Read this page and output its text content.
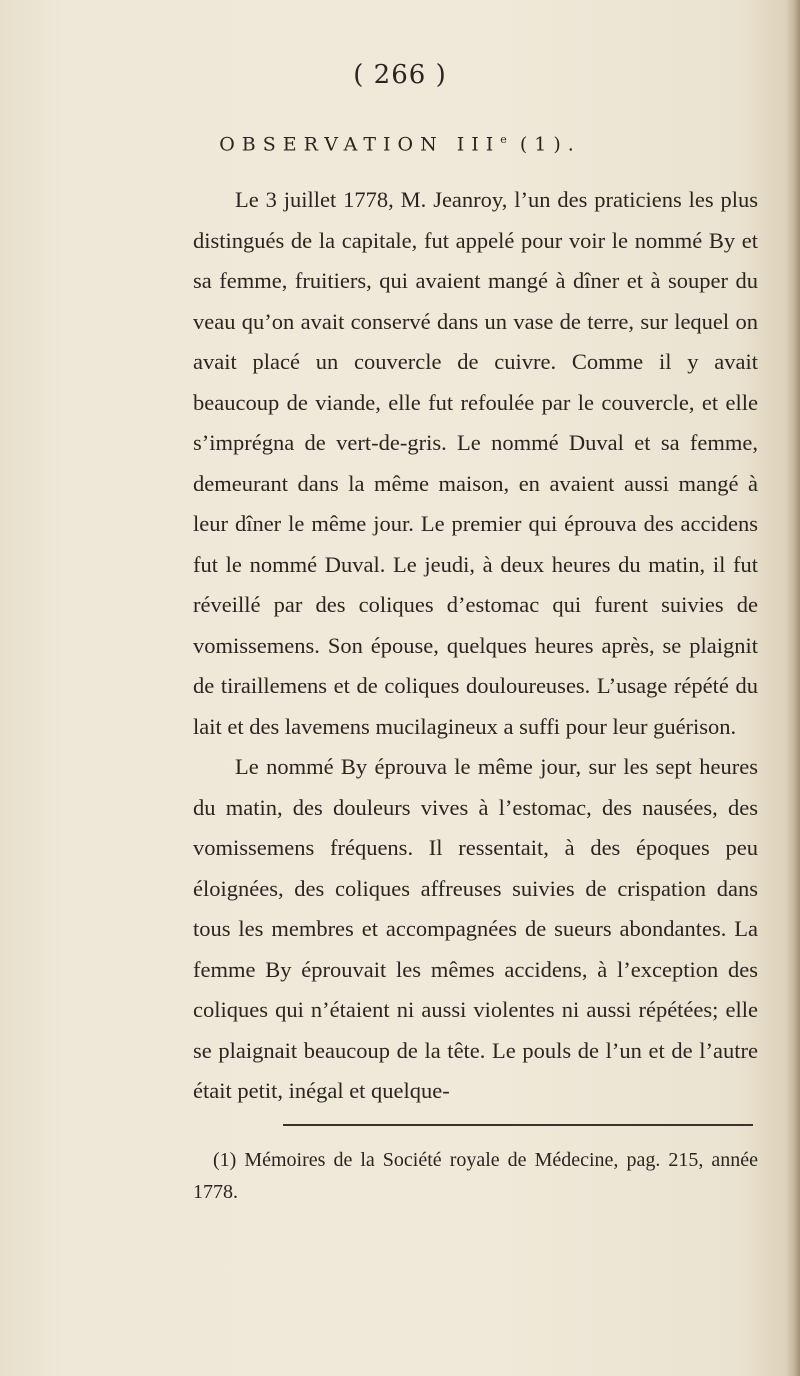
( 266 )
OBSERVATION IIIe (1).

Le 3 juillet 1778, M. Jeanroy, l’un des praticiens les plus distingués de la capitale, fut appelé pour voir le nommé By et sa femme, fruitiers, qui avaient mangé à dîner et à souper du veau qu’on avait conservé dans un vase de terre, sur lequel on avait placé un couvercle de cuivre. Comme il y avait beaucoup de viande, elle fut refoulée par le couvercle, et elle s’imprégna de vert-de-gris. Le nommé Duval et sa femme, demeurant dans la même maison, en avaient aussi mangé à leur dîner le même jour. Le premier qui éprouva des accidens fut le nommé Duval. Le jeudi, à deux heures du matin, il fut réveillé par des coliques d’estomac qui furent suivies de vomissemens. Son épouse, quelques heures après, se plaignit de tiraillemens et de coliques douloureuses. L’usage répété du lait et des lavemens mucilagineux a suffi pour leur guérison.

Le nommé By éprouva le même jour, sur les sept heures du matin, des douleurs vives à l’estomac, des nausées, des vomissemens fréquens. Il ressentait, à des époques peu éloignées, des coliques affreuses suivies de crispation dans tous les membres et accompagnées de sueurs abondantes. La femme By éprouvait les mêmes accidens, à l’exception des coliques qui n’étaient ni aussi violentes ni aussi répétées; elle se plaignait beaucoup de la tête. Le pouls de l’un et de l’autre était petit, inégal et quelque-

(1) Mémoires de la Société royale de Médecine, pag. 215, année 1778.
